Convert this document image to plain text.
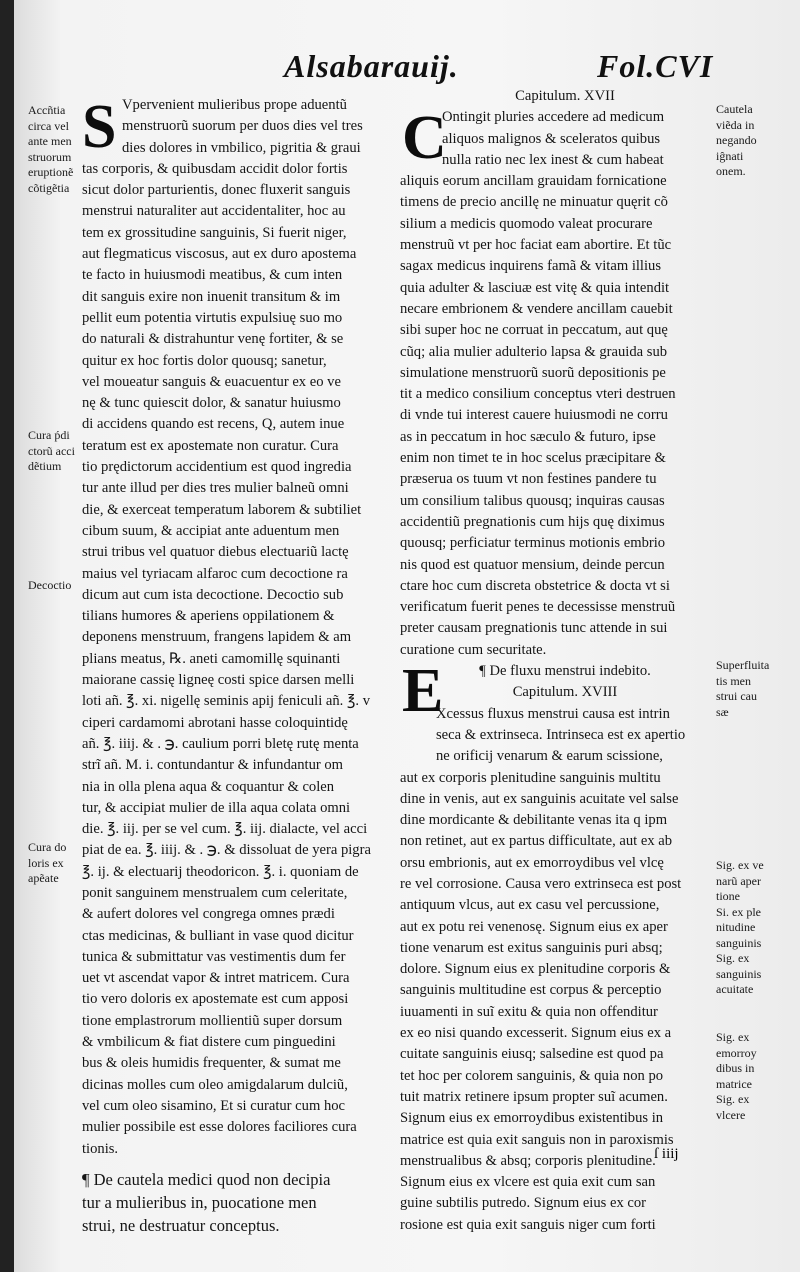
Alsabarauij.	Fol.CVI
Accñtia
circa vel
ante men
struorum
eruptionẽ
cõtigẽtia
Cura ṕdi
ctorũ acci
dẽtium
Decoctio
Cura do
loris ex
apẽate
Cautela
viẽda in
negando
iĝnati
onem.
Superfluita
tis men
strui cau
sæ
Sig. ex ve
narũ aper
tione
Si. ex ple
nitudine
sanguinis
Sig. ex
sanguinis
acuitate
Sig. ex
emorroy
dibus in
matrice
Sig. ex
vlcere
S Vpervenient mulieribus prope aduentũ
menstruorũ suorum per duos dies vel tres
dies dolores in vmbilico, pigritia & graui
tas corporis, & quibusdam accidit dolor fortis
sicut dolor parturientis, donec fluxerit sanguis
menstrui naturaliter aut accidentaliter, hoc au
tem ex grossitudine sanguinis, Si fuerit niger,
aut flegmaticus viscosus, aut ex duro apostema
te facto in huiusmodi meatibus, & cum inten
dit sanguis exire non inuenit transitum & im
pellit eum potentia virtutis expulsiuę suo mo
do naturali & distrahuntur venę fortiter, & se
quitur ex hoc fortis dolor quousq; sanetur,
vel moueatur sanguis & euacuentur ex eo ve
nę & tunc quiescit dolor, & sanatur huiusmo
di accidens quando est recens, Q, autem inue
teratum est ex apostemate non curatur. Cura
tio prędictorum accidentium est quod ingredia
tur ante illud per dies tres mulier balneũ omni
die, & exerceat temperatum laborem & subtiliet
cibum suum, & accipiat ante aduentum men
strui tribus vel quatuor diebus electuariũ lactę
maius vel tyriacam alfaroc cum decoctione ra
dicum aut cum ista decoctione. Decoctio sub
tilians humores & aperiens oppilationem &
deponens menstruum, frangens lapidem & am
plians meatus, ℞. aneti camomillę squinanti
maiorane cassię ligneę costi spice darsen melli
loti añ. ℥. xi. nigellę seminis apij feniculi añ. ℥. v
ciperi cardamomi abrotani hasse coloquintidę
añ. ℥. iiij. & . ℈. caulium porri bletę rutę menta
strĩ añ. M. i. contundantur & infundantur om
nia in olla plena aqua & coquantur & colen
tur, & accipiat mulier de illa aqua colata omni
die. ℥. iij. per se vel cum. ℥. iij. dialacte, vel acci
piat de ea. ℥. iiij. & . ℈. & dissoluat de yera pigra
℥. ij. & electuarij theodoricon. ℥. i. quoniam de
ponit sanguinem menstrualem cum celeritate,
& aufert dolores vel congrega omnes prædi
ctas medicinas, & bulliant in vase quod dicitur
tunica & submittatur vas vestimentis dum fer
uet vt ascendat vapor & intret matricem. Cura
tio vero doloris ex apostemate est cum apposi
tione emplastrorum mollientiũ super dorsum
& vmbilicum & fiat distere cum pinguedini
bus & oleis humidis frequenter, & sumat me
dicinas molles cum oleo amigdalarum dulciũ,
vel cum oleo sisamino, Et si curatur cum hoc
mulier possibile est esse dolores faciliores cura
tionis.
¶ De cautela medici quod non decipia
tur a mulieribus in, puocatione men
strui, ne destruatur conceptus.
Capitulum. XVII
Ontingit pluries accedere ad medicum
aliquos malignos & sceleratos quibus
nulla ratio nec lex inest & cum habeat
aliquis eorum ancillam grauidam fornicatione
timens de precio ancillę ne minuatur quęrit cõ
silium a medicis quomodo valeat procurare
menstruũ vt per hoc faciat eam abortire. Et tũc
sagax medicus inquirens famã & vitam illius
quia adulter & lasciuæ est vitę & quia intendit
necare embrionem & vendere ancillam cauebit
sibi super hoc ne corruat in peccatum, aut quę
cũq; alia mulier adulterio lapsa & grauida sub
simulatione menstruorũ suorũ depositionis pe
tit a medico consilium conceptus vteri destruen
di vnde tui interest cauere huiusmodi ne corru
as in peccatum in hoc sæculo & futuro, ipse
enim non timet te in hoc scelus præcipitare &
præserua os tuum vt non festines pandere tu
um consilium talibus quousq; inquiras causas
accidentiũ pregnationis cum hijs quę diximus
quousq; perficiatur terminus motionis embrio
nis quod est quatuor mensium, deinde percun
ctare hoc cum discreta obstetrice & docta vt si
verificatum fuerit penes te decessisse menstruũ
preter causam pregnationis tunc attende in sui
curatione cum securitate.
¶ De fluxu menstrui indebito.
Capitulum. XVIII
Xcessus fluxus menstrui causa est intrin
seca & extrinseca. Intrinseca est ex apertio
ne orificij venarum & earum scissione,
aut ex corporis plenitudine sanguinis multitu
dine in venis, aut ex sanguinis acuitate vel salse
dine mordicante & debilitante venas ita q ipm
non retinet, aut ex partus difficultate, aut ex ab
orsu embrionis, aut ex emorroydibus vel vlcę
re vel corrosione. Causa vero extrinseca est post
antiquum vlcus, aut ex casu vel percussione,
aut ex potu rei venenosę. Signum eius ex aper
tione venarum est exitus sanguinis puri absq;
dolore. Signum eius ex plenitudine corporis &
sanguinis multitudine est corpus & perceptio
iuuamenti in suĩ exitu & quia non offenditur
ex eo nisi quando excesserit. Signum eius ex a
cuitate sanguinis eiusq; salsedine est quod pa
tet hoc per colorem sanguinis, & quia non po
tuit matrix retinere ipsum propter suĩ acumen.
Signum eius ex emorroydibus existentibus in
matrice est quia exit sanguis non in paroxismis
menstrualibus & absq; corporis plenitudine.
Signum eius ex vlcere est quia exit cum san
guine subtilis putredo. Signum eius ex cor
rosione est quia exit sanguis niger cum forti
C
E
ſ iiij
